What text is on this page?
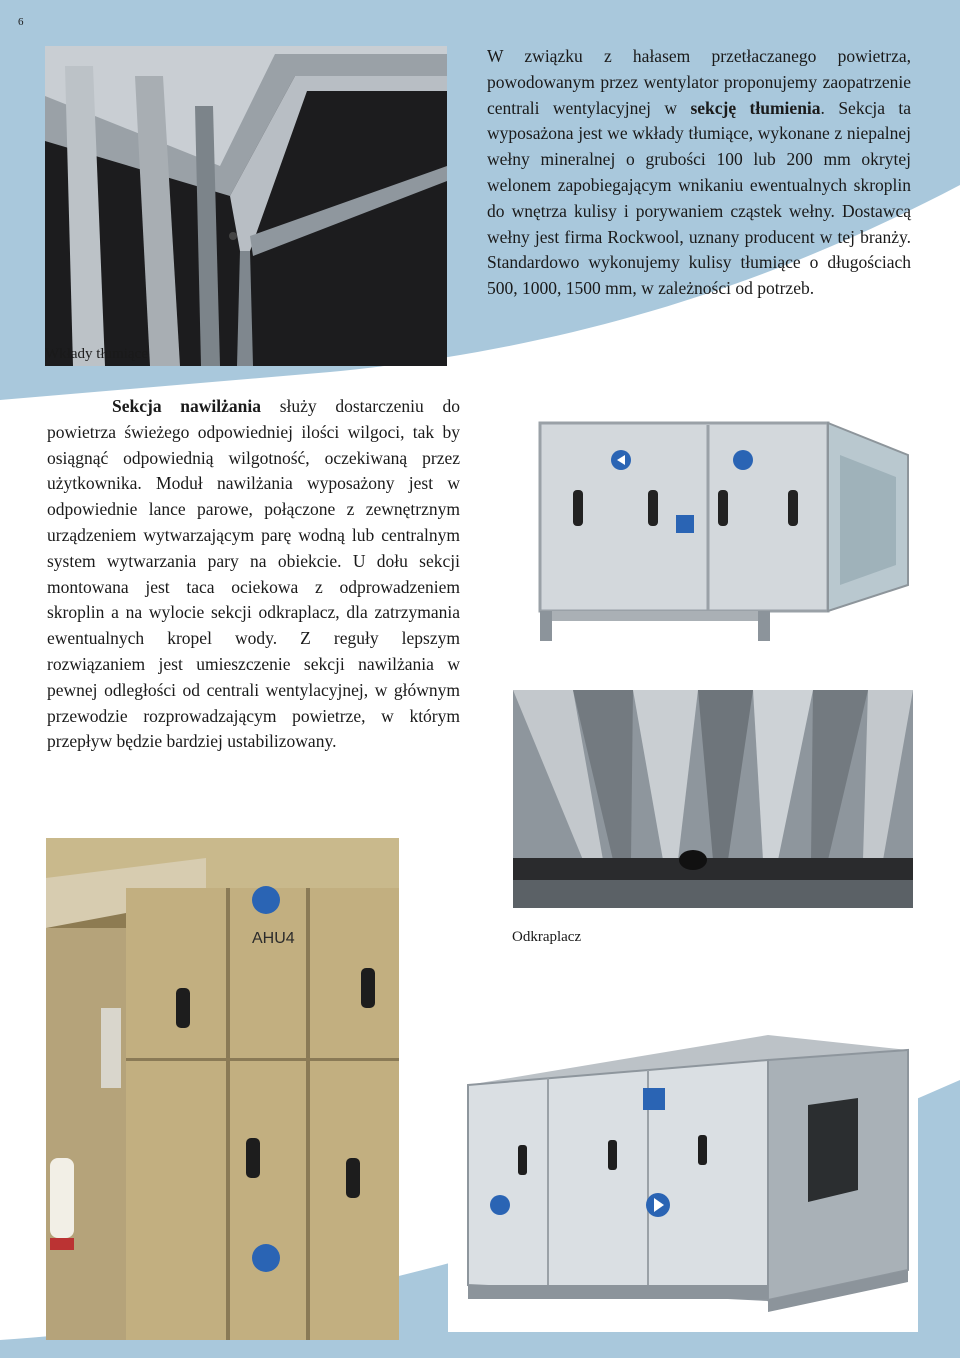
6
Wkłady tłumiące

W związku z hałasem przetłaczanego powietrza, powodowanym przez wentylator proponujemy zaopatrzenie centrali wentylacyjnej w sekcję tłumienia. Sekcja ta wyposażona jest we wkłady tłumiące, wykonane z niepalnej wełny mineralnej o grubości 100 lub 200 mm okrytej welonem zapobiegającym wnikaniu ewentualnych skroplin do wnętrza kulisy i porywaniem cząstek wełny. Dostawcą wełny jest firma Rockwool, uznany producent w tej branży. Standardowo wykonujemy kulisy tłumiące o długościach 500, 1000, 1500 mm, w zależności od potrzeb.

Sekcja nawilżania służy dostarczeniu do powietrza świeżego odpowiedniej ilości wilgoci, tak by osiągnąć odpowiednią wilgotność, oczekiwaną przez użytkownika. Moduł nawilżania wyposażony jest w odpowiednie lance parowe, połączone z zewnętrznym urządzeniem wytwarzającym parę wodną lub centralnym system wytwarzania pary na obiekcie. U dołu sekcji montowana jest taca ociekowa z odprowadzeniem skroplin a na wylocie sekcji odkraplacz, dla zatrzymania ewentualnych kropel wody. Z reguły lepszym rozwiązaniem jest umieszczenie sekcji nawilżania w pewnej odległości od centrali wentylacyjnej, w głównym przewodzie rozprowadzającym powietrze, w którym przepływ będzie bardziej ustabilizowany.

Odkraplacz
AHU4
